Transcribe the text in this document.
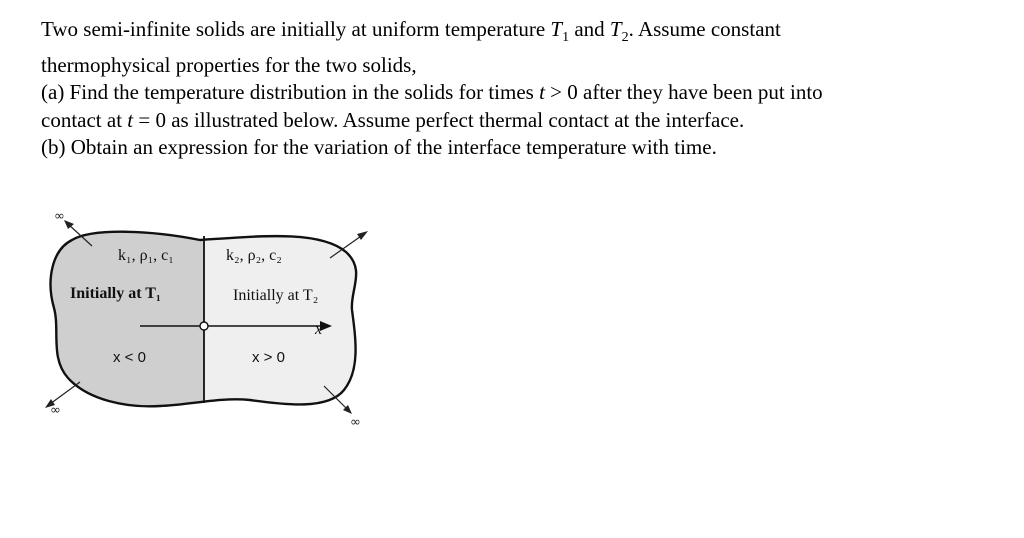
Two semi-infinite solids are initially at uniform temperature $T_1$ and $T_2$. Assume constant
thermophysical properties for the two solids,
(a) Find the temperature distribution in the solids for times t > 0 after they have been put into
contact at t = 0 as illustrated below. Assume perfect thermal contact at the interface.
(b) Obtain an expression for the variation of the interface temperature with time.
∞
∞
∞
k₁, ρ₁, c₁	k₂, ρ₂, c₂
Initially at T₁	Initially at T₂
x
x < 0	x > 0
